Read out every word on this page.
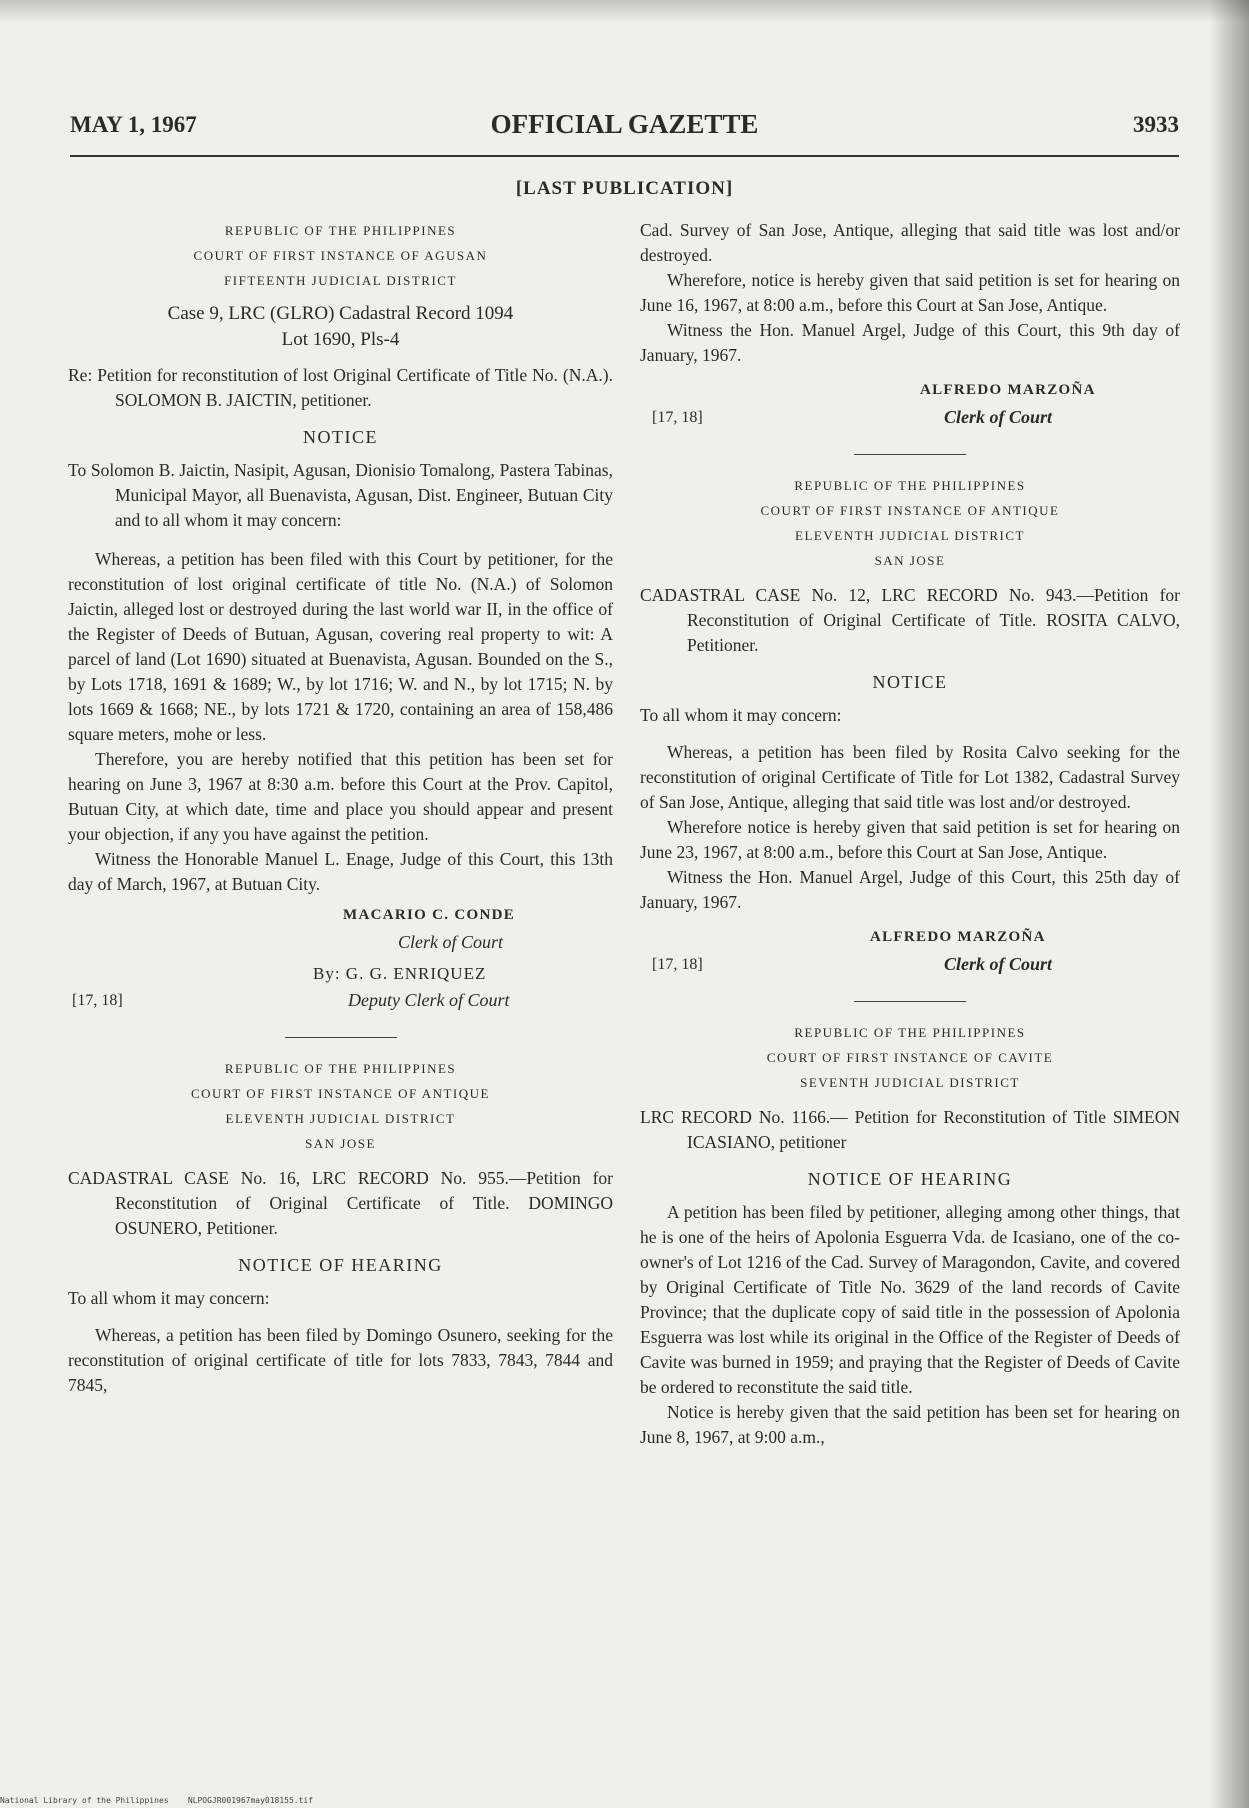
MAY 1, 1967	OFFICIAL GAZETTE	3933
[LAST PUBLICATION]
REPUBLIC OF THE PHILIPPINES
COURT OF FIRST INSTANCE OF AGUSAN
FIFTEENTH JUDICIAL DISTRICT
Case 9, LRC (GLRO) Cadastral Record 1094
Lot 1690, Pls-4
Re: Petition for reconstitution of lost Original Certificate of Title No. (N.A.). SOLOMON B. JAICTIN, petitioner.
NOTICE
To Solomon B. Jaictin, Nasipit, Agusan, Dionisio Tomalong, Pastera Tabinas, Municipal Mayor, all Buenavista, Agusan, Dist. Engineer, Butuan City and to all whom it may concern:

Whereas, a petition has been filed with this Court by petitioner, for the reconstitution of lost original certificate of title No. (N.A.) of Solomon Jaictin, alleged lost or destroyed during the last world war II, in the office of the Register of Deeds of Butuan, Agusan, covering real property to wit: A parcel of land (Lot 1690) situated at Buenavista, Agusan. Bounded on the S., by Lots 1718, 1691 & 1689; W., by lot 1716; W. and N., by lot 1715; N. by lots 1669 & 1668; NE., by lots 1721 & 1720, containing an area of 158,486 square meters, mohe or less.

Therefore, you are hereby notified that this petition has been set for hearing on June 3, 1967 at 8:30 a.m. before this Court at the Prov. Capitol, Butuan City, at which date, time and place you should appear and present your objection, if any you have against the petition.

Witness the Honorable Manuel L. Enage, Judge of this Court, this 13th day of March, 1967, at Butuan City.

MACARIO C. CONDE
Clerk of Court
By: G. G. ENRIQUEZ
[17, 18]	Deputy Clerk of Court
REPUBLIC OF THE PHILIPPINES
COURT OF FIRST INSTANCE OF ANTIQUE
ELEVENTH JUDICIAL DISTRICT
SAN JOSE
CADASTRAL CASE No. 16, LRC RECORD No. 955.—Petition for Reconstitution of Original Certificate of Title. DOMINGO OSUNERO, Petitioner.
NOTICE OF HEARING
To all whom it may concern:

Whereas, a petition has been filed by Domingo Osunero, seeking for the reconstitution of original certificate of title for lots 7833, 7843, 7844 and 7845,

Cad. Survey of San Jose, Antique, alleging that said title was lost and/or destroyed.

Wherefore, notice is hereby given that said petition is set for hearing on June 16, 1967, at 8:00 a.m., before this Court at San Jose, Antique.

Witness the Hon. Manuel Argel, Judge of this Court, this 9th day of January, 1967.

ALFREDO MARZOÑA
[17, 18]	Clerk of Court
REPUBLIC OF THE PHILIPPINES
COURT OF FIRST INSTANCE OF ANTIQUE
ELEVENTH JUDICIAL DISTRICT
SAN JOSE
CADASTRAL CASE No. 12, LRC RECORD No. 943.—Petition for Reconstitution of Original Certificate of Title. ROSITA CALVO, Petitioner.
NOTICE
To all whom it may concern:

Whereas, a petition has been filed by Rosita Calvo seeking for the reconstitution of original Certificate of Title for Lot 1382, Cadastral Survey of San Jose, Antique, alleging that said title was lost and/or destroyed.

Wherefore notice is hereby given that said petition is set for hearing on June 23, 1967, at 8:00 a.m., before this Court at San Jose, Antique.

Witness the Hon. Manuel Argel, Judge of this Court, this 25th day of January, 1967.

ALFREDO MARZOÑA
[17, 18]	Clerk of Court
REPUBLIC OF THE PHILIPPINES
COURT OF FIRST INSTANCE OF CAVITE
SEVENTH JUDICIAL DISTRICT
LRC RECORD No. 1166.— Petition for Reconstitution of Title SIMEON ICASIANO, petitioner
NOTICE OF HEARING

A petition has been filed by petitioner, alleging among other things, that he is one of the heirs of Apolonia Esguerra Vda. de Icasiano, one of the co-owner's of Lot 1216 of the Cad. Survey of Maragondon, Cavite, and covered by Original Certificate of Title No. 3629 of the land records of Cavite Province; that the duplicate copy of said title in the possession of Apolonia Esguerra was lost while its original in the Office of the Register of Deeds of Cavite was burned in 1959; and praying that the Register of Deeds of Cavite be ordered to reconstitute the said title.

Notice is hereby given that the said petition has been set for hearing on June 8, 1967, at 9:00 a.m.,

National Library of the Philippines    NLPOGJR001967may018155.tif
